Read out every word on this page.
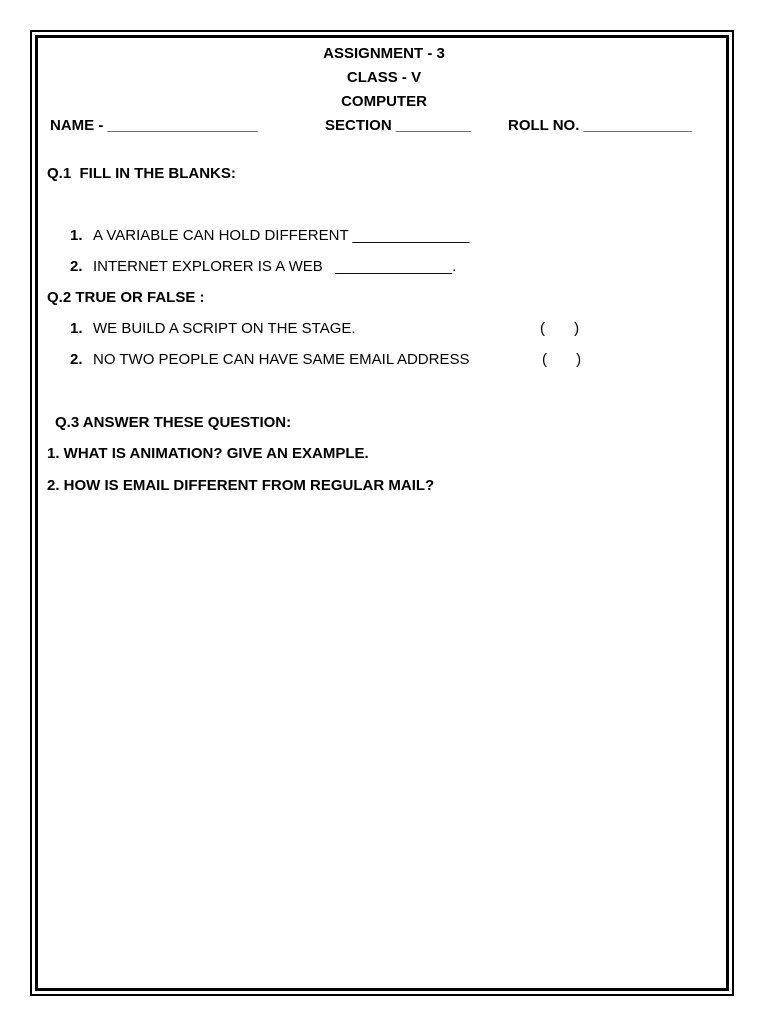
ASSIGNMENT - 3
CLASS - V
COMPUTER
NAME - __________________	SECTION _________ ROLL NO. _____________
Q.1  FILL IN THE BLANKS:
1. A VARIABLE CAN HOLD DIFFERENT ______________
2. INTERNET EXPLORER IS A WEB   ______________.
Q.2 TRUE OR FALSE :
1. WE BUILD A SCRIPT ON THE STAGE.	(       )
2. NO TWO PEOPLE CAN HAVE SAME EMAIL ADDRESS	(       )
Q.3 ANSWER THESE QUESTION:
1. WHAT IS ANIMATION? GIVE AN EXAMPLE.
2. HOW IS EMAIL DIFFERENT FROM REGULAR MAIL?
